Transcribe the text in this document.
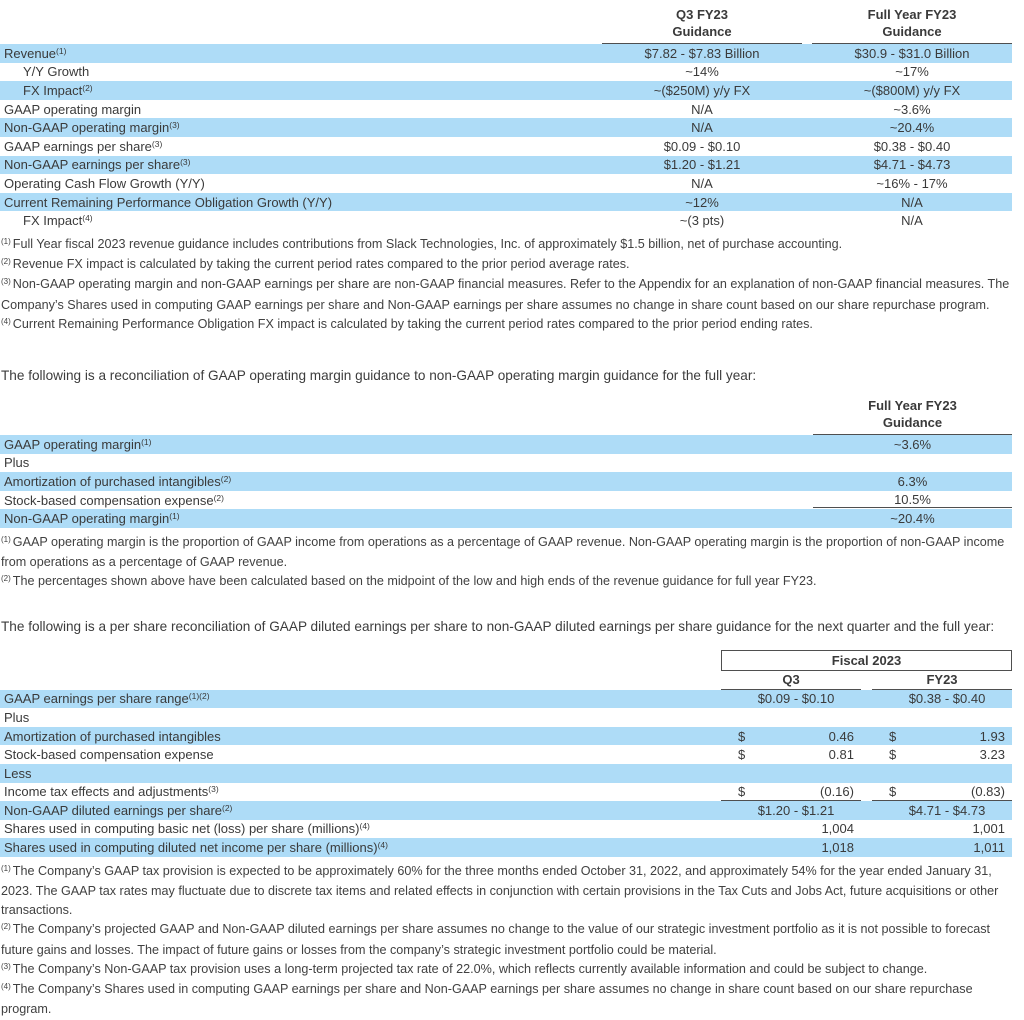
Q3 FY23
Guidance
Full Year FY23
Guidance
Revenue$^{(1)}$	$7.82 - $7.83 Billion	$30.9 - $31.0 Billion
Y/Y Growth	~14%	~17%
FX Impact$^{(2)}$	~($250M) y/y FX	~($800M) y/y FX
GAAP operating margin	N/A	~3.6%
Non-GAAP operating margin$^{(3)}$	N/A	~20.4%
GAAP earnings per share$^{(3)}$	$0.09 - $0.10	$0.38 - $0.40
Non-GAAP earnings per share$^{(3)}$	$1.20 - $1.21	$4.71 - $4.73
Operating Cash Flow Growth (Y/Y)	N/A	~16% - 17%
Current Remaining Performance Obligation Growth (Y/Y)	~12%	N/A
FX Impact$^{(4)}$	~(3 pts)	N/A
$^{(1)}$ Full Year fiscal 2023 revenue guidance includes contributions from Slack Technologies, Inc. of approximately $1.5 billion, net of purchase accounting.
$^{(2)}$ Revenue FX impact is calculated by taking the current period rates compared to the prior period average rates.
$^{(3)}$ Non-GAAP operating margin and non-GAAP earnings per share are non-GAAP financial measures. Refer to the Appendix for an explanation of non-GAAP financial measures. The Company’s Shares used in computing GAAP earnings per share and Non-GAAP earnings per share assumes no change in share count based on our share repurchase program.
$^{(4)}$ Current Remaining Performance Obligation FX impact is calculated by taking the current period rates compared to the prior period ending rates.
The following is a reconciliation of GAAP operating margin guidance to non-GAAP operating margin guidance for the full year:
Full Year FY23
Guidance
GAAP operating margin$^{(1)}$	~3.6%
Plus
Amortization of purchased intangibles$^{(2)}$	6.3%
Stock-based compensation expense$^{(2)}$	10.5%
Non-GAAP operating margin$^{(1)}$	~20.4%
$^{(1)}$ GAAP operating margin is the proportion of GAAP income from operations as a percentage of GAAP revenue. Non-GAAP operating margin is the proportion of non-GAAP income from operations as a percentage of GAAP revenue.
$^{(2)}$ The percentages shown above have been calculated based on the midpoint of the low and high ends of the revenue guidance for full year FY23.
The following is a per share reconciliation of GAAP diluted earnings per share to non-GAAP diluted earnings per share guidance for the next quarter and the full year:
Fiscal 2023
Q3	FY23
GAAP earnings per share range$^{(1)(2)}$	$0.09 - $0.10	$0.38 - $0.40
Plus
Amortization of purchased intangibles	$	0.46	$	1.93
Stock-based compensation expense	$	0.81	$	3.23
Less
Income tax effects and adjustments$^{(3)}$	$	(0.16)	$	(0.83)
Non-GAAP diluted earnings per share$^{(2)}$	$1.20 - $1.21	$4.71 - $4.73
Shares used in computing basic net (loss) per share (millions)$^{(4)}$	1,004	1,001
Shares used in computing diluted net income per share (millions)$^{(4)}$	1,018	1,011
$^{(1)}$ The Company’s GAAP tax provision is expected to be approximately 60% for the three months ended October 31, 2022, and approximately 54% for the year ended January 31, 2023. The GAAP tax rates may fluctuate due to discrete tax items and related effects in conjunction with certain provisions in the Tax Cuts and Jobs Act, future acquisitions or other transactions.
$^{(2)}$ The Company’s projected GAAP and Non-GAAP diluted earnings per share assumes no change to the value of our strategic investment portfolio as it is not possible to forecast future gains and losses. The impact of future gains or losses from the company’s strategic investment portfolio could be material.
$^{(3)}$ The Company’s Non-GAAP tax provision uses a long-term projected tax rate of 22.0%, which reflects currently available information and could be subject to change.
$^{(4)}$ The Company’s Shares used in computing GAAP earnings per share and Non-GAAP earnings per share assumes no change in share count based on our share repurchase program.
